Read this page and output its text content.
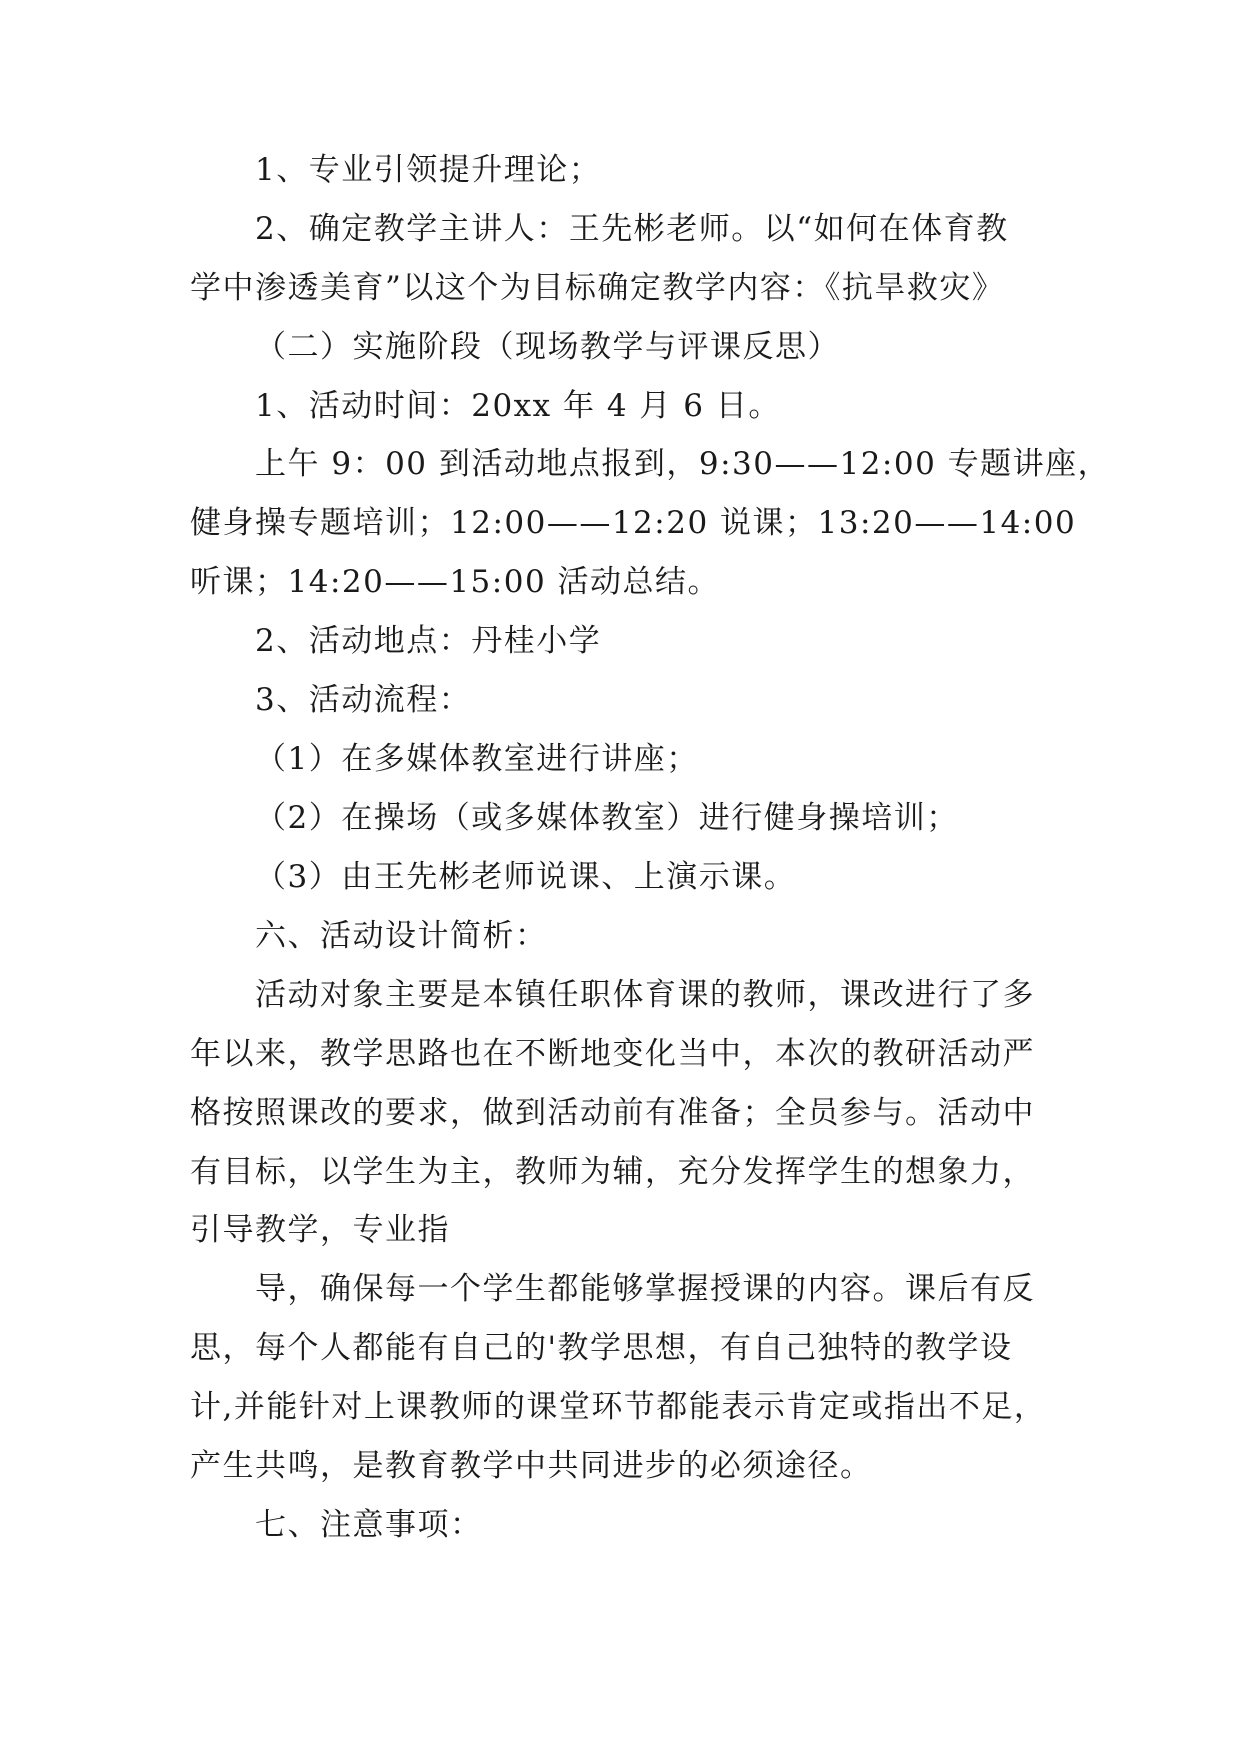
1、专业引领提升理论；

2、确定教学主讲人：王先彬老师。以“如何在体育教

学中渗透美育”以这个为目标确定教学内容：《抗旱救灾》

（二）实施阶段（现场教学与评课反思）

1、活动时间：20xx 年 4 月 6 日。

上午 9：00 到活动地点报到，9:30——12:00 专题讲座，

健身操专题培训；12:00——12:20 说课；13:20——14:00

听课；14:20——15:00 活动总结。

2、活动地点：丹桂小学

3、活动流程：

（1）在多媒体教室进行讲座；

（2）在操场（或多媒体教室）进行健身操培训；

（3）由王先彬老师说课、上演示课。

六、活动设计简析：

活动对象主要是本镇任职体育课的教师，课改进行了多

年以来，教学思路也在不断地变化当中，本次的教研活动严

格按照课改的要求，做到活动前有准备；全员参与。活动中

有目标，以学生为主，教师为辅，充分发挥学生的想象力，

引导教学，专业指

导，确保每一个学生都能够掌握授课的内容。课后有反

思，每个人都能有自己的'教学思想，有自己独特的教学设

计,并能针对上课教师的课堂环节都能表示肯定或指出不足，

产生共鸣，是教育教学中共同进步的必须途径。

七、注意事项：
